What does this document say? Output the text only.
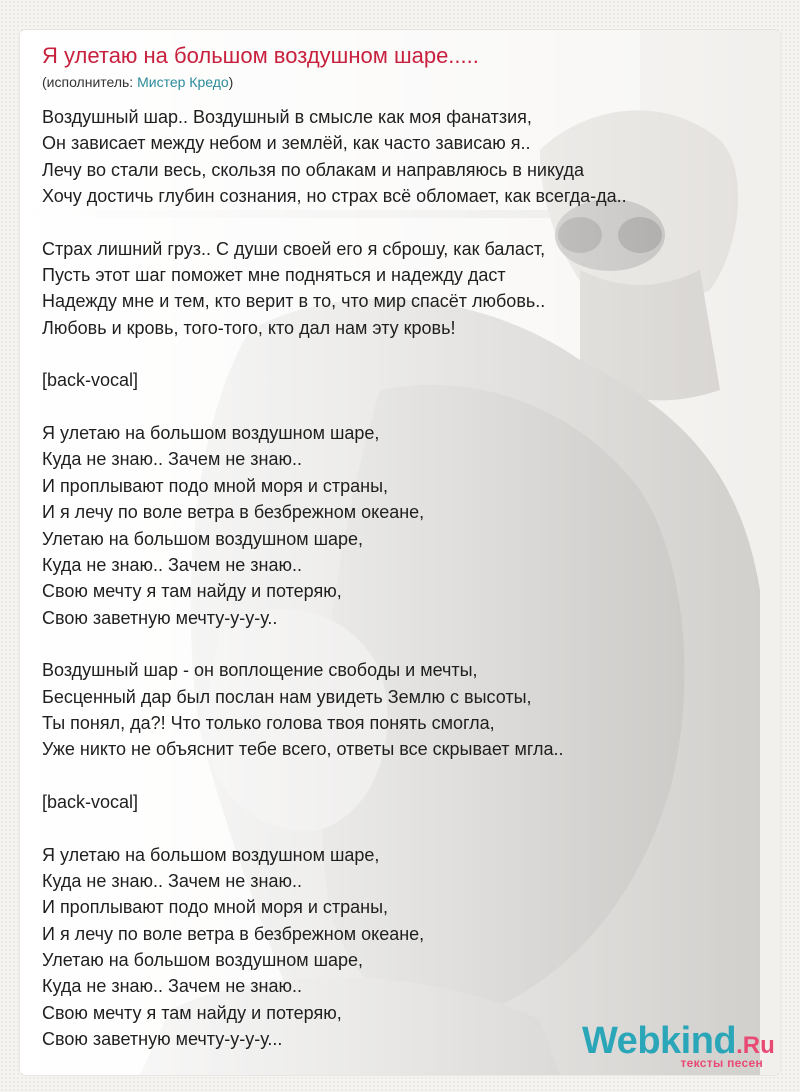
Я улетаю на большом воздушном шаре.....
(исполнитель: Мистер Кредо)
Воздушный шар.. Воздушный в смысле как моя фанатзия,
Он зависает между небом и землёй, как часто зависаю я..
Лечу во стали весь, скользя по облакам и направляюсь в никуда
Хочу достичь глубин сознания, но страх всё обломает, как всегда-да..
Страх лишний груз.. С души своей его я сброшу, как баласт,
Пусть этот шаг поможет мне подняться и надежду даст
Надежду мне и тем, кто верит в то, что мир спасёт любовь..
Любовь и кровь, того-того, кто дал нам эту кровь!
[back-vocal]
Я улетаю на большом воздушном шаре,
Куда не знаю.. Зачем не знаю..
И проплывают подо мной моря и страны,
И я лечу по воле ветра в безбрежном океане,
Улетаю на большом воздушном шаре,
Куда не знаю.. Зачем не знаю..
Свою мечту я там найду и потеряю,
Свою заветную мечту-у-у-у..
Воздушный шар - он воплощение свободы и мечты,
Бесценный дар был послан нам увидеть Землю с высоты,
Ты понял, да?! Что только голова твоя понять смогла,
Уже никто не объяснит тебе всего, ответы все скрывает мгла..
[back-vocal]
Я улетаю на большом воздушном шаре,
Куда не знаю.. Зачем не знаю..
И проплывают подо мной моря и страны,
И я лечу по воле ветра в безбрежном океане,
Улетаю на большом воздушном шаре,
Куда не знаю.. Зачем не знаю..
Свою мечту я там найду и потеряю,
Свою заветную мечту-у-у-у...	Webkind.Ru
тексты песен
